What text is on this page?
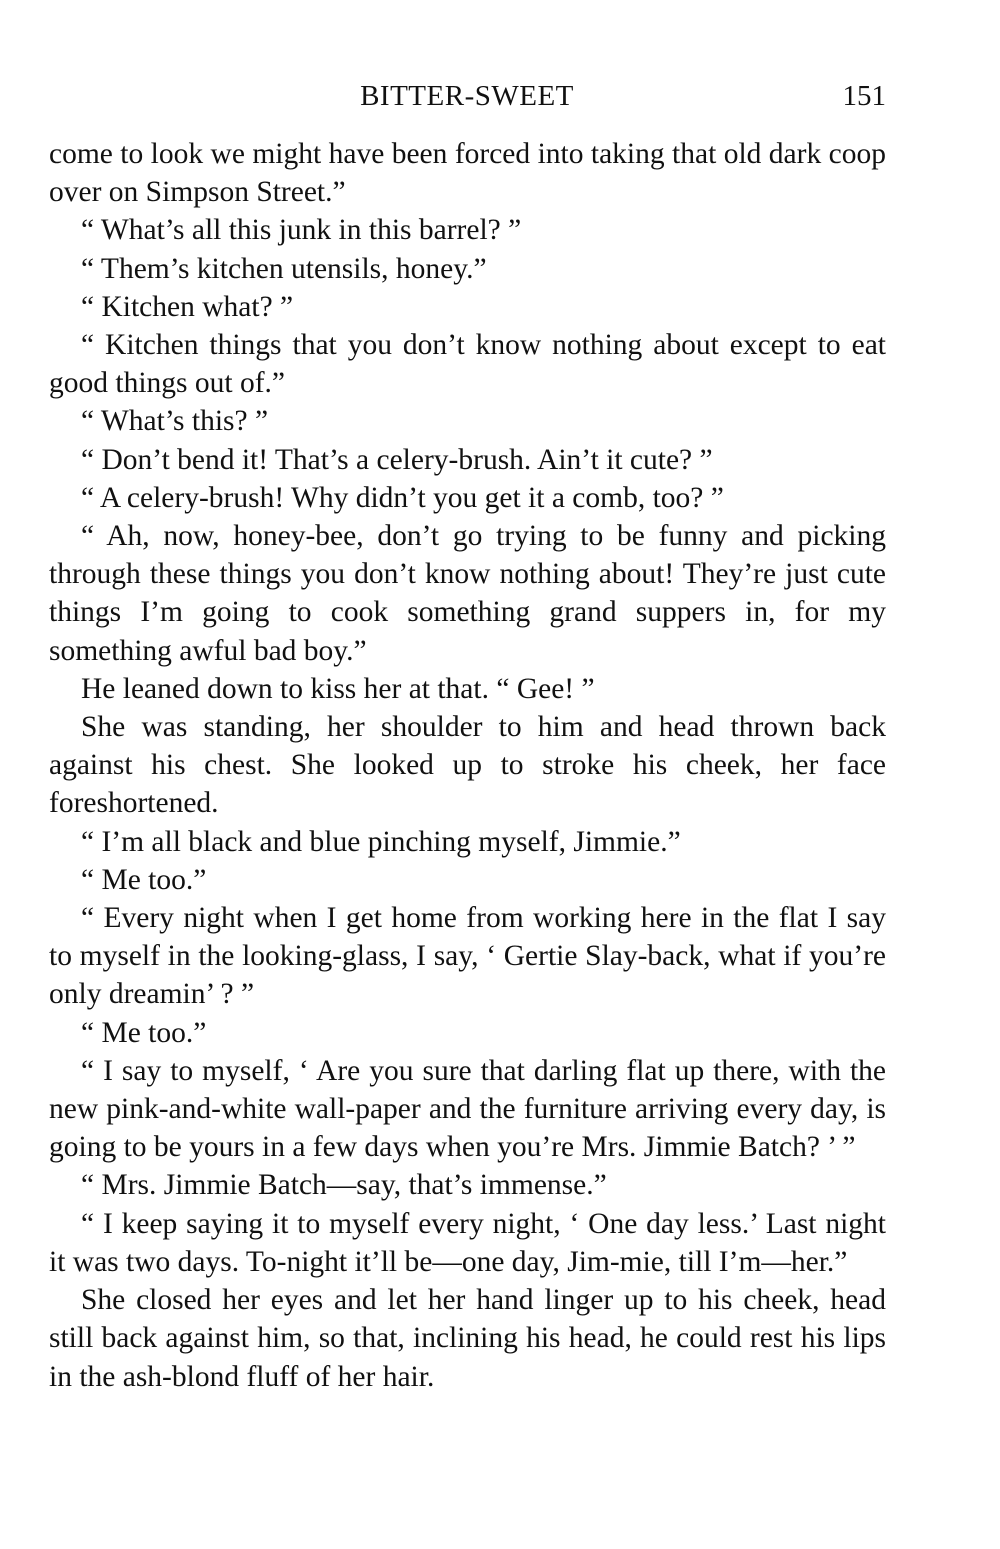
BITTER-SWEET	151

come to look we might have been forced into taking that old dark coop over on Simpson Street.”

“ What’s all this junk in this barrel? ”

“ Them’s kitchen utensils, honey.”

“ Kitchen what? ”

“ Kitchen things that you don’t know nothing about except to eat good things out of.”

“ What’s this? ”

“ Don’t bend it! That’s a celery-brush. Ain’t it cute? ”

“ A celery-brush! Why didn’t you get it a comb, too? ”

“ Ah, now, honey-bee, don’t go trying to be funny and picking through these things you don’t know nothing about! They’re just cute things I’m going to cook something grand suppers in, for my something awful bad boy.”

He leaned down to kiss her at that. “ Gee! ”

She was standing, her shoulder to him and head thrown back against his chest. She looked up to stroke his cheek, her face foreshortened.

“ I’m all black and blue pinching myself, Jimmie.”

“ Me too.”

“ Every night when I get home from working here in the flat I say to myself in the looking-glass, I say, ‘ Gertie Slay-back, what if you’re only dreamin’ ? ”

“ Me too.”

“ I say to myself, ‘ Are you sure that darling flat up there, with the new pink-and-white wall-paper and the furniture arriving every day, is going to be yours in a few days when you’re Mrs. Jimmie Batch? ’ ”

“ Mrs. Jimmie Batch—say, that’s immense.”

“ I keep saying it to myself every night, ‘ One day less.’ Last night it was two days. To-night it’ll be—one day, Jim-mie, till I’m—her.”

She closed her eyes and let her hand linger up to his cheek, head still back against him, so that, inclining his head, he could rest his lips in the ash-blond fluff of her hair.
